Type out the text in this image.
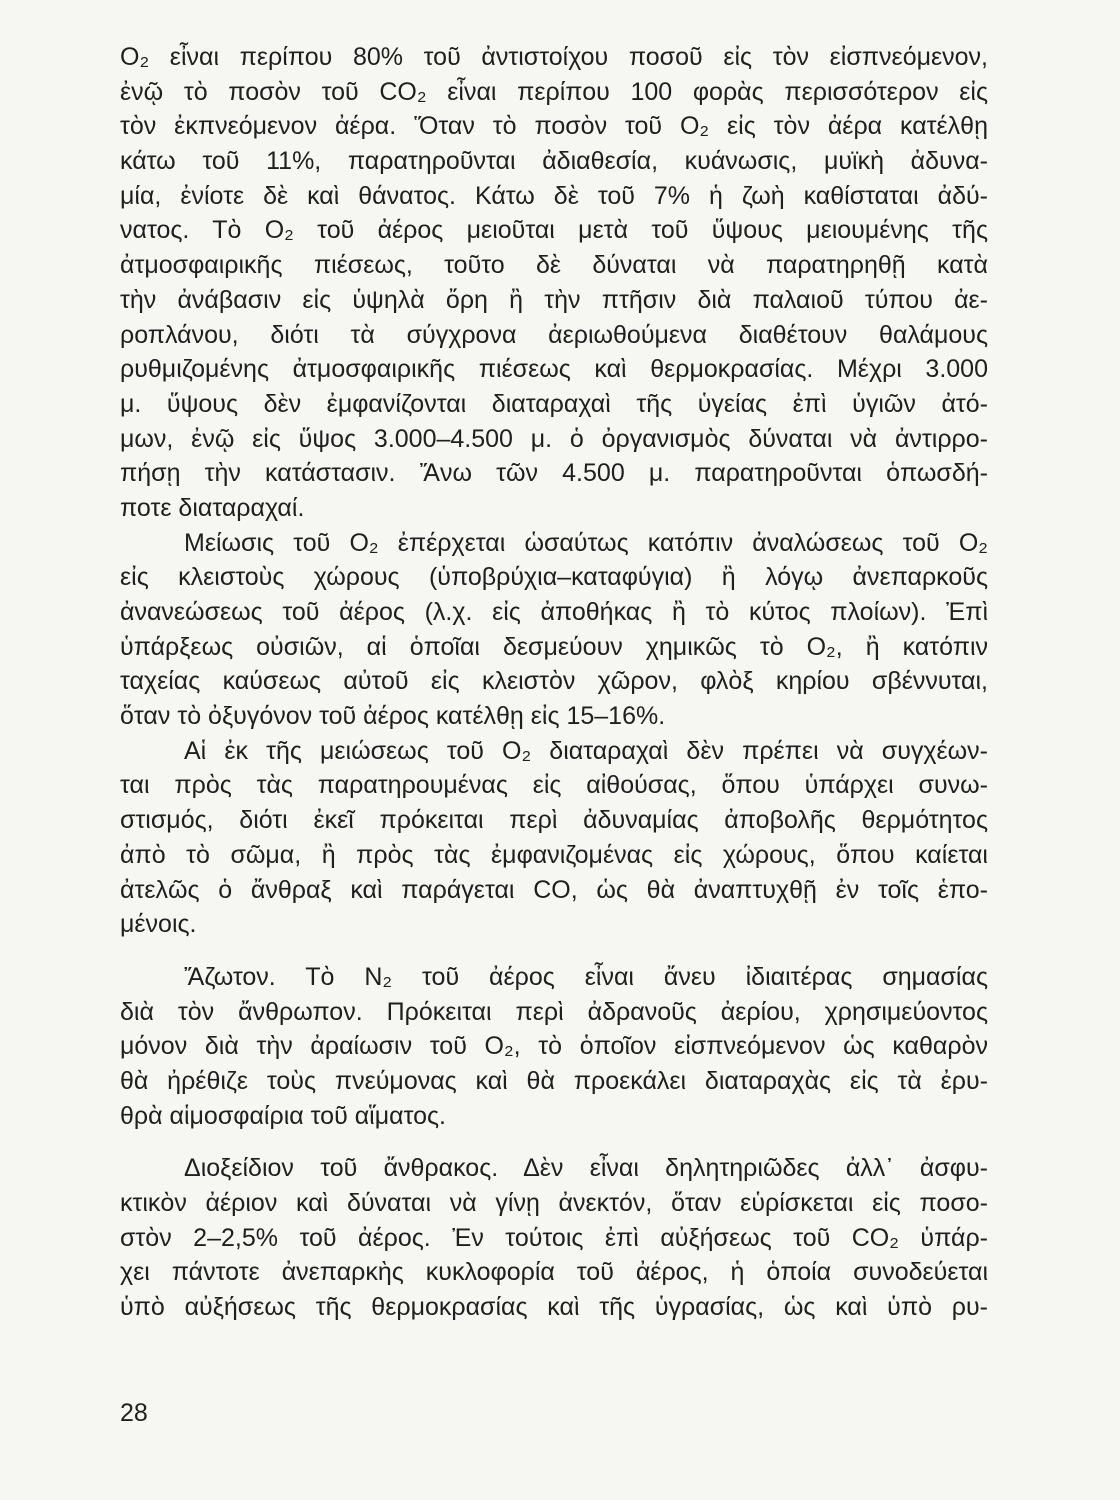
O₂ εἶναι περίπου 80% τοῦ ἀντιστοίχου ποσοῦ εἰς τὸν εἰσπνεόμενον,
ἐνῷ τὸ ποσὸν τοῦ CO₂ εἶναι περίπου 100 φορὰς περισσότερον εἰς
τὸν ἐκπνεόμενον ἀέρα. Ὅταν τὸ ποσὸν τοῦ O₂ εἰς τὸν ἀέρα κατέλθῃ
κάτω τοῦ 11%, παρατηροῦνται ἀδιαθεσία, κυάνωσις, μυϊκὴ ἀδυνα-
μία, ἐνίοτε δὲ καὶ θάνατος. Κάτω δὲ τοῦ 7% ἡ ζωὴ καθίσταται ἀδύ-
νατος. Τὸ O₂ τοῦ ἀέρος μειοῦται μετὰ τοῦ ὕψους μειουμένης τῆς
ἀτμοσφαιρικῆς πιέσεως, τοῦτο δὲ δύναται νὰ παρατηρηθῇ κατὰ
τὴν ἀνάβασιν εἰς ὑψηλὰ ὄρη ἢ τὴν πτῆσιν διὰ παλαιοῦ τύπου ἀε-
ροπλάνου, διότι τὰ σύγχρονα ἀεριωθούμενα διαθέτουν θαλάμους
ρυθμιζομένης ἀτμοσφαιρικῆς πιέσεως καὶ θερμοκρασίας. Μέχρι 3.000
μ. ὕψους δὲν ἐμφανίζονται διαταραχαὶ τῆς ὑγείας ἐπὶ ὑγιῶν ἀτό-
μων, ἐνῷ εἰς ὕψος 3.000–4.500 μ. ὁ ὀργανισμὸς δύναται νὰ ἀντιρρο-
πήσῃ τὴν κατάστασιν. Ἄνω τῶν 4.500 μ. παρατηροῦνται ὁπωσδή-
ποτε διαταραχαί.
Μείωσις τοῦ O₂ ἐπέρχεται ὡσαύτως κατόπιν ἀναλώσεως τοῦ O₂
εἰς κλειστοὺς χώρους (ὑποβρύχια–καταφύγια) ἢ λόγῳ ἀνεπαρκοῦς
ἀνανεώσεως τοῦ ἀέρος (λ.χ. εἰς ἀποθήκας ἢ τὸ κύτος πλοίων). Ἐπὶ
ὑπάρξεως οὐσιῶν, αἱ ὁποῖαι δεσμεύουν χημικῶς τὸ O₂, ἢ κατόπιν
ταχείας καύσεως αὐτοῦ εἰς κλειστὸν χῶρον, φλὸξ κηρίου σβέννυται,
ὅταν τὸ ὀξυγόνον τοῦ ἀέρος κατέλθῃ εἰς 15–16%.
Αἱ ἐκ τῆς μειώσεως τοῦ O₂ διαταραχαὶ δὲν πρέπει νὰ συγχέων-
ται πρὸς τὰς παρατηρουμένας εἰς αἰθούσας, ὅπου ὑπάρχει συνω-
στισμός, διότι ἐκεῖ πρόκειται περὶ ἀδυναμίας ἀποβολῆς θερμότητος
ἀπὸ τὸ σῶμα, ἢ πρὸς τὰς ἐμφανιζομένας εἰς χώρους, ὅπου καίεται
ἀτελῶς ὁ ἄνθραξ καὶ παράγεται CO, ὡς θὰ ἀναπτυχθῇ ἐν τοῖς ἑπο-
μένοις.
Ἄζωτον. Τὸ N₂ τοῦ ἀέρος εἶναι ἄνευ ἰδιαιτέρας σημασίας
διὰ τὸν ἄνθρωπον. Πρόκειται περὶ ἀδρανοῦς ἀερίου, χρησιμεύοντος
μόνον διὰ τὴν ἀραίωσιν τοῦ O₂, τὸ ὁποῖον εἰσπνεόμενον ὡς καθαρὸν
θὰ ἠρέθιζε τοὺς πνεύμονας καὶ θὰ προεκάλει διαταραχὰς εἰς τὰ ἐρυ-
θρὰ αἱμοσφαίρια τοῦ αἵματος.
Διοξείδιον τοῦ ἄνθρακος. Δὲν εἶναι δηλητηριῶδες ἀλλ᾽ ἀσφυ-
κτικὸν ἀέριον καὶ δύναται νὰ γίνῃ ἀνεκτόν, ὅταν εὑρίσκεται εἰς ποσο-
στὸν 2–2,5% τοῦ ἀέρος. Ἐν τούτοις ἐπὶ αὐξήσεως τοῦ CO₂ ὑπάρ-
χει πάντοτε ἀνεπαρκὴς κυκλοφορία τοῦ ἀέρος, ἡ ὁποία συνοδεύεται
ὑπὸ αὐξήσεως τῆς θερμοκρασίας καὶ τῆς ὑγρασίας, ὡς καὶ ὑπὸ ρυ-
28
